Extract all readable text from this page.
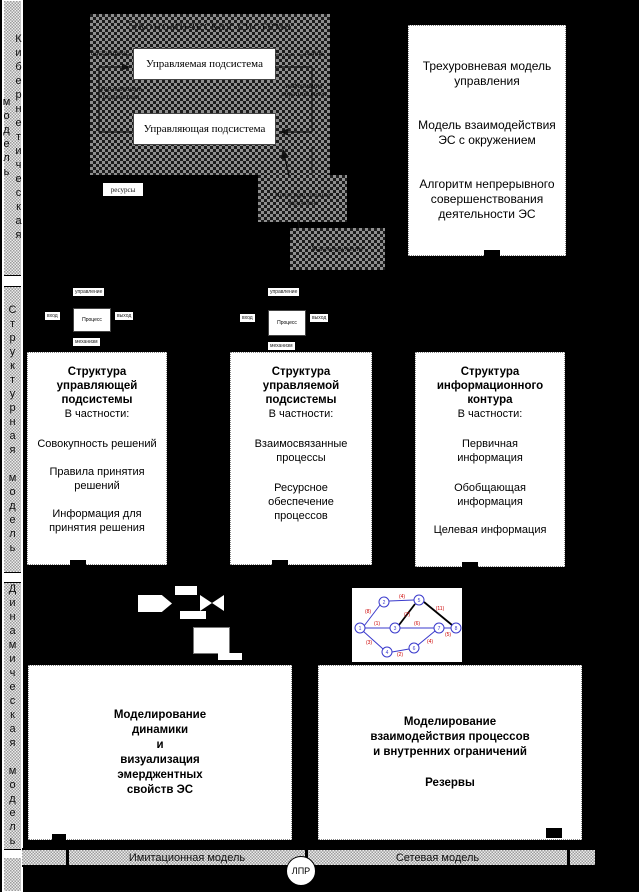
Кибернетическая модель
Структурная модель
Динамическая модель
Экономическая система
Управляемая подсистема
Управляющая подсистема
поставщики	рынок
управляющие воздействия
информация обратной связи
ресурсы
Непосредственное окружение
Макроокружение
Трехуровневая модель управления
Модель взаимодействия ЭС с окружением
Алгоритм непрерывного совершенствования деятельности ЭС
управление
вход
Процесс
выход
механизм
управление
вход
Процесс
выход
механизм
Структура управляющей подсистемы
В частности:
Совокупность решений
Правила принятия решений
Информация для принятия решения
Структура управляемой подсистемы
В частности:
Взаимосвязанные процессы
Ресурсное обеспечение процессов
Структура информационного контура
В частности:
Первичная информация
Обобщающая информация
Целевая информация
1
2
3
4
5
6
7	8
(8)
(1)
(3)
(4)
(7)
(6)
(2)
(4)
(11)
(5)
Моделирование
динамики
и
визуализация
эмерджентных
свойств ЭС
Моделирование
взаимодействия процессов
и внутренних ограничений
Резервы
Имитационная модель	Сетевая модель
ЛПР
